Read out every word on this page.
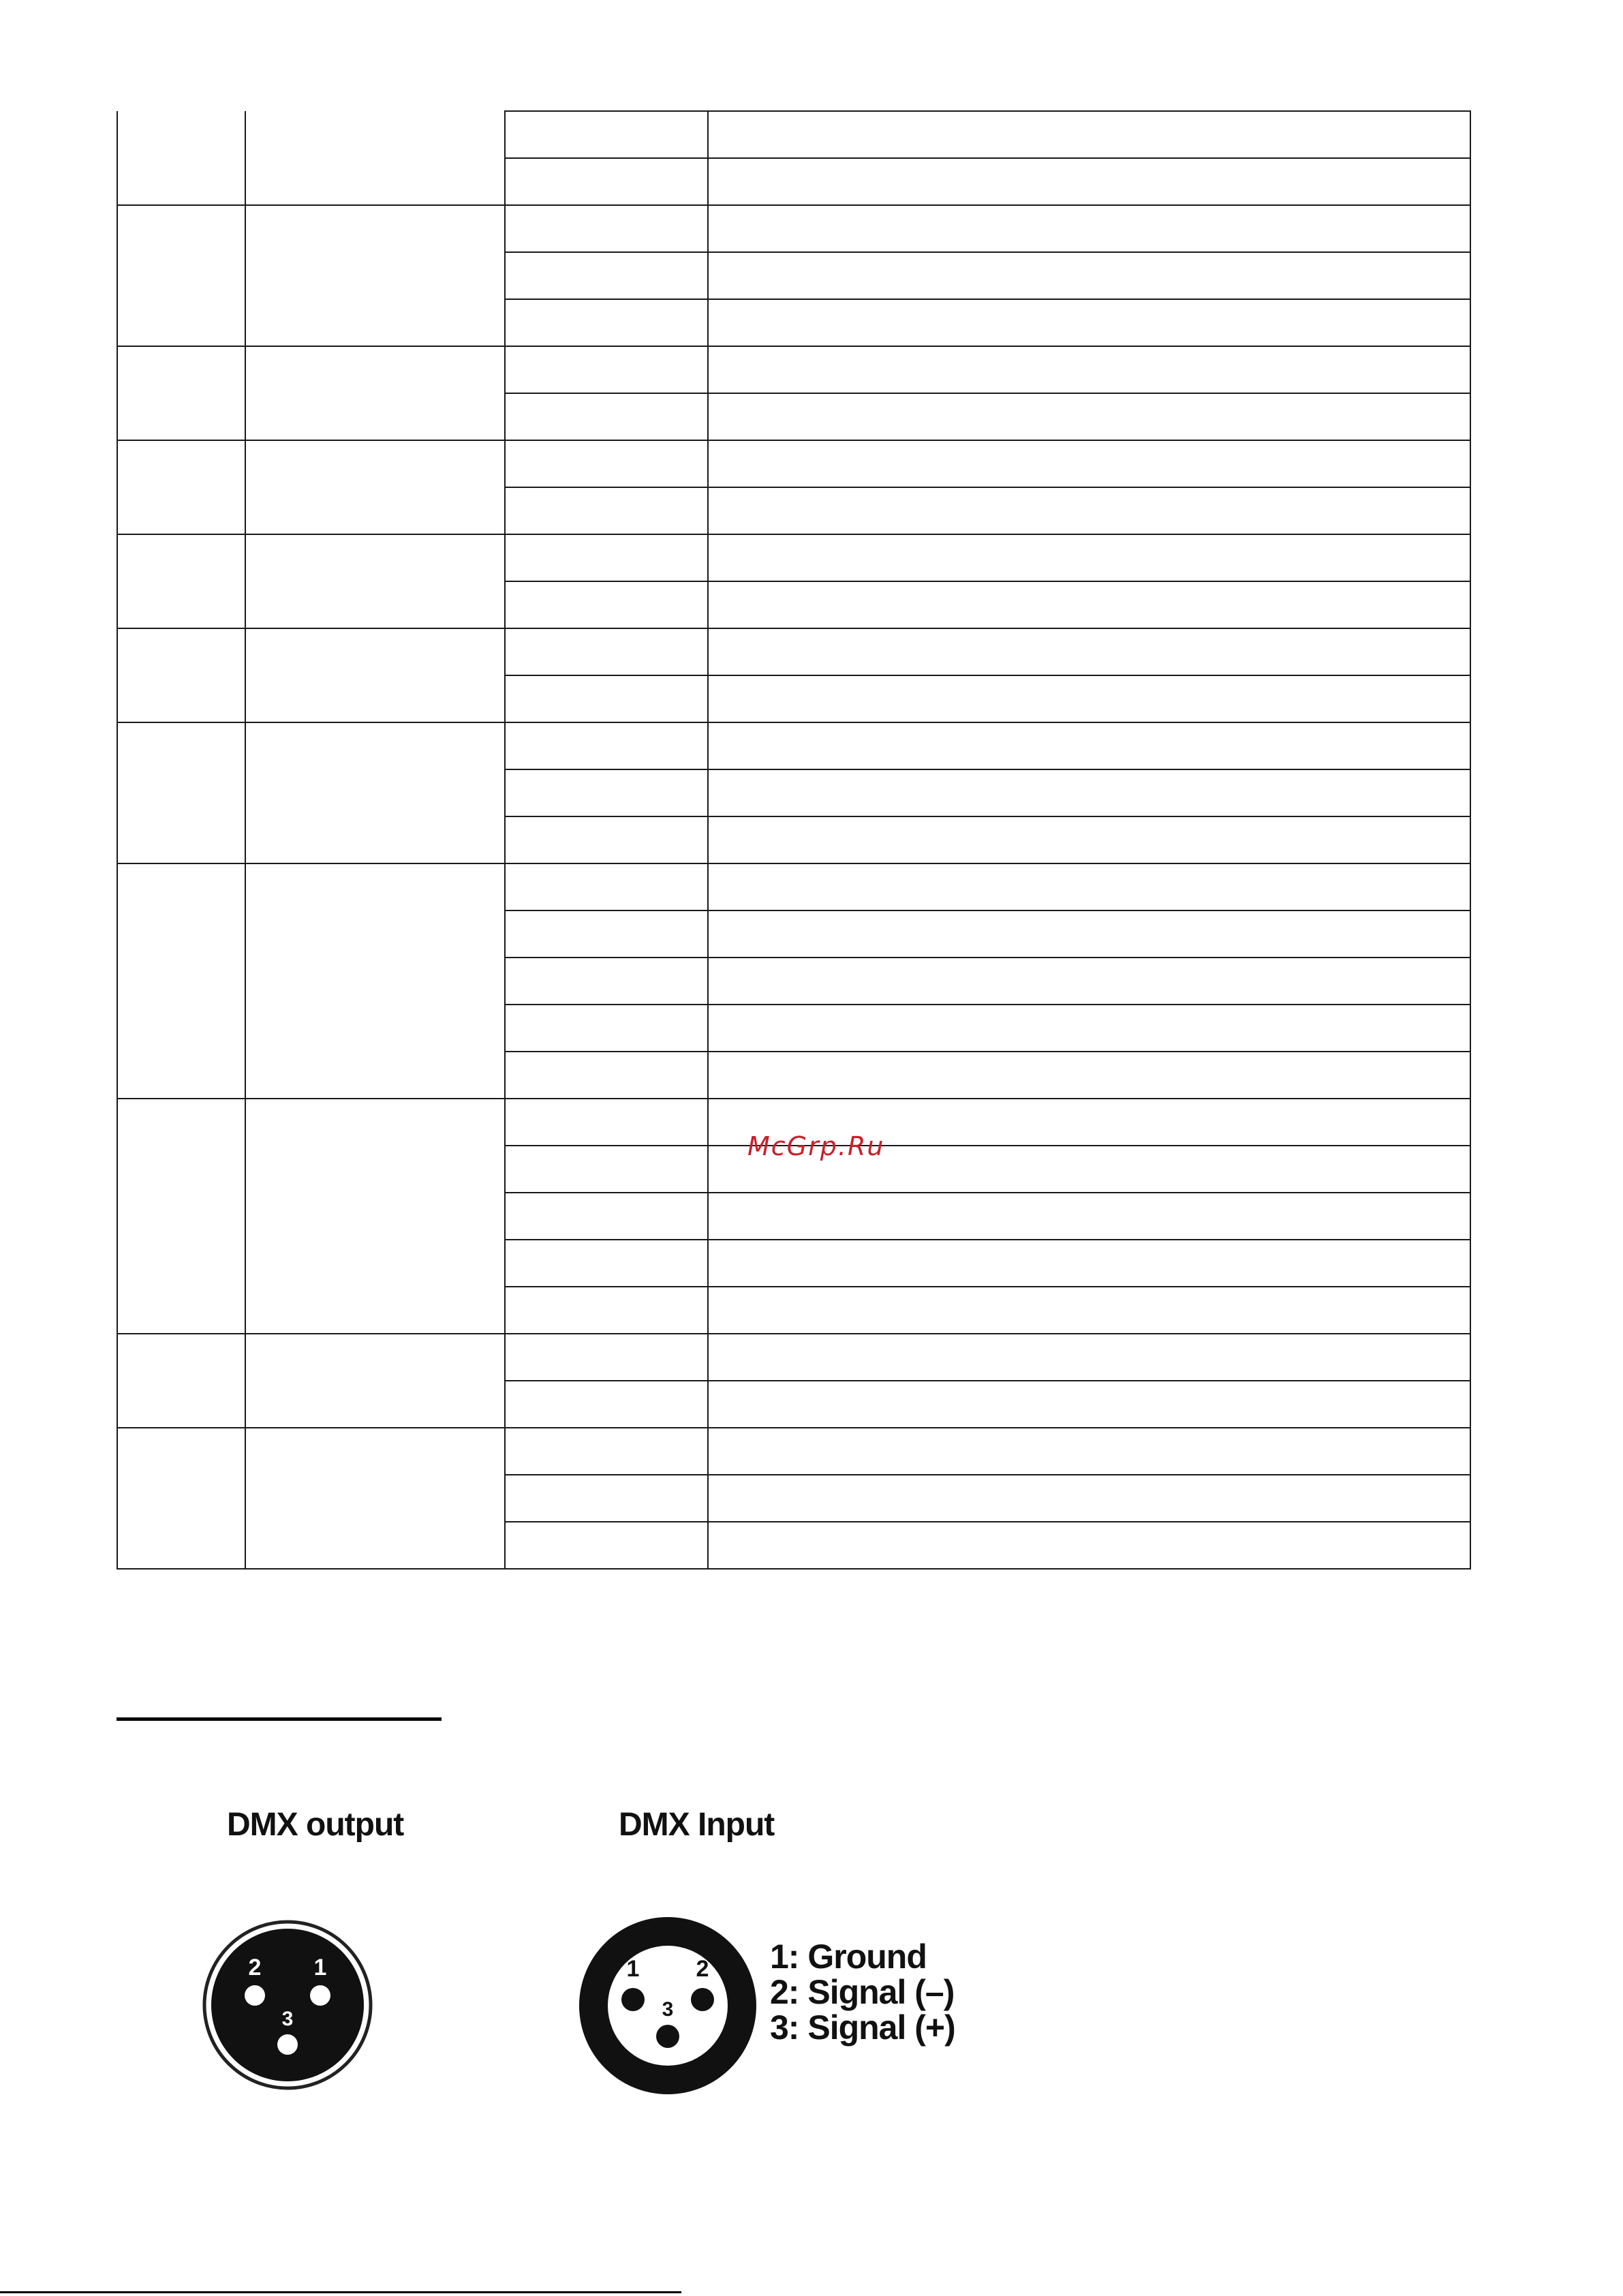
McGrp.Ru
DMX output
2 1
3
DMX Input
1 2
3
1: Ground
2: Signal (–)
3: Signal (+)
